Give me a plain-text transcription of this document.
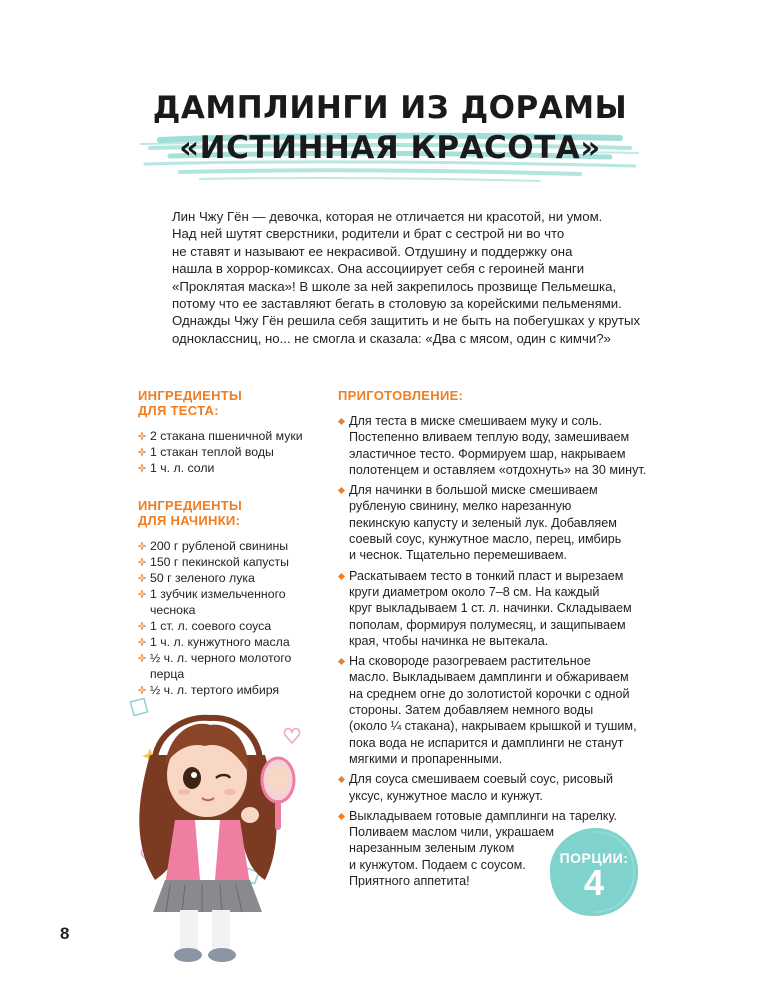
ДАМПЛИНГИ ИЗ ДОРАМЫ
«ИСТИННАЯ КРАСОТА»

Лин Чжу Гён — девочка, которая не отличается ни красотой, ни умом.
Над ней шутят сверстники, родители и брат с сестрой ни во что
не ставят и называют ее некрасивой. Отдушину и поддержку она
нашла в хоррор-комиксах. Она ассоциирует себя с героиней манги
«Проклятая маска»! В школе за ней закрепилось прозвище Пельмешка,
потому что ее заставляют бегать в столовую за корейскими пельменями.
Однажды Чжу Гён решила себя защитить и не быть на побегушках у крутых
одноклассниц, но... не смогла и сказала: «Два с мясом, один с кимчи?»

ИНГРЕДИЕНТЫ
ДЛЯ ТЕСТА:
2 стакана пшеничной муки
1 стакан теплой воды
1 ч. л. соли
ИНГРЕДИЕНТЫ
ДЛЯ НАЧИНКИ:
200 г рубленой свинины
150 г пекинской капусты
50 г зеленого лука
1 зубчик измельченного
чеснока
1 ст. л. соевого соуса
1 ч. л. кунжутного масла
½ ч. л. черного молотого
перца
½ ч. л. тертого имбиря
ПРИГОТОВЛЕНИЕ:
Для теста в миске смешиваем муку и соль.
Постепенно вливаем теплую воду, замешиваем
эластичное тесто. Формируем шар, накрываем
полотенцем и оставляем «отдохнуть» на 30 минут.
Для начинки в большой миске смешиваем
рубленую свинину, мелко нарезанную
пекинскую капусту и зеленый лук. Добавляем
соевый соус, кунжутное масло, перец, имбирь
и чеснок. Тщательно перемешиваем.
Раскатываем тесто в тонкий пласт и вырезаем
круги диаметром около 7–8 см. На каждый
круг выкладываем 1 ст. л. начинки. Складываем
пополам, формируя полумесяц, и защипываем
края, чтобы начинка не вытекала.
На сковороде разогреваем растительное
масло. Выкладываем дамплинги и обжариваем
на среднем огне до золотистой корочки с одной
стороны. Затем добавляем немного воды
(около ¼ стакана), накрываем крышкой и тушим,
пока вода не испарится и дамплинги не станут
мягкими и пропаренными.
Для соуса смешиваем соевый соус, рисовый
уксус, кунжутное масло и кунжут.
Выкладываем готовые дамплинги на тарелку.
Поливаем маслом чили, украшаем
нарезанным зеленым луком
и кунжутом. Подаем с соусом.
Приятного аппетита!
ПОРЦИИ:
4
8
